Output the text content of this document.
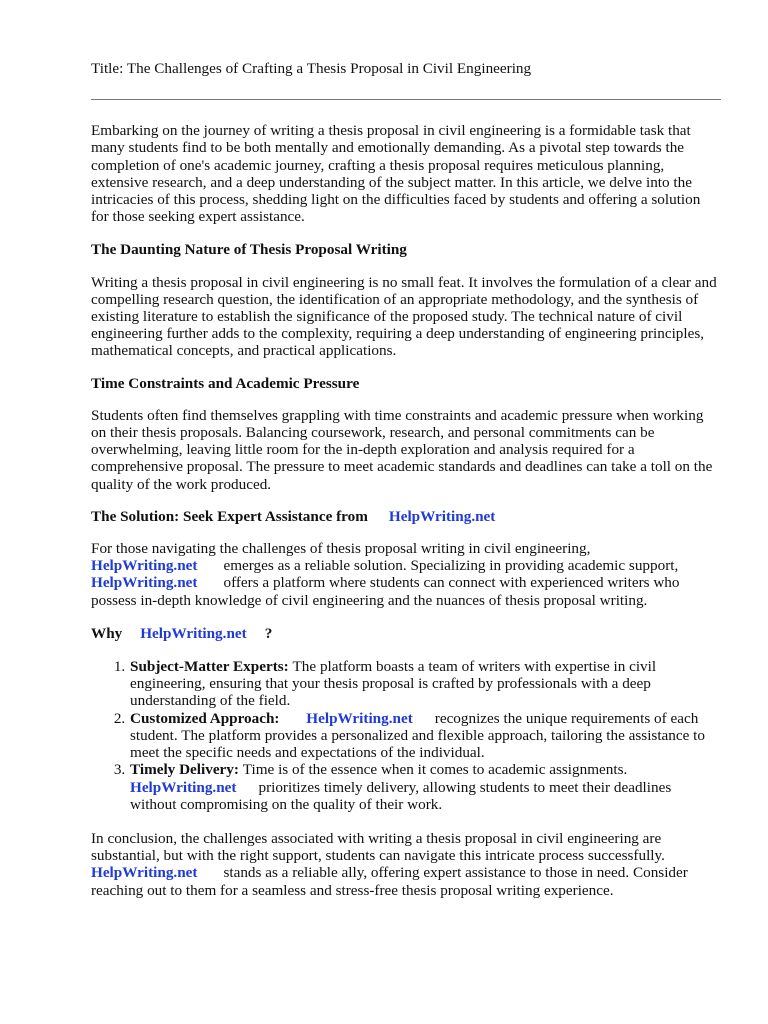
Title: The Challenges of Crafting a Thesis Proposal in Civil Engineering

Embarking on the journey of writing a thesis proposal in civil engineering is a formidable task that many students find to be both mentally and emotionally demanding. As a pivotal step towards the completion of one's academic journey, crafting a thesis proposal requires meticulous planning, extensive research, and a deep understanding of the subject matter. In this article, we delve into the intricacies of this process, shedding light on the difficulties faced by students and offering a solution for those seeking expert assistance.

The Daunting Nature of Thesis Proposal Writing

Writing a thesis proposal in civil engineering is no small feat. It involves the formulation of a clear and compelling research question, the identification of an appropriate methodology, and the synthesis of existing literature to establish the significance of the proposed study. The technical nature of civil engineering further adds to the complexity, requiring a deep understanding of engineering principles, mathematical concepts, and practical applications.

Time Constraints and Academic Pressure

Students often find themselves grappling with time constraints and academic pressure when working on their thesis proposals. Balancing coursework, research, and personal commitments can be overwhelming, leaving little room for the in-depth exploration and analysis required for a comprehensive proposal. The pressure to meet academic standards and deadlines can take a toll on the quality of the work produced.

The Solution: Seek Expert Assistance from HelpWriting.net

For those navigating the challenges of thesis proposal writing in civil engineering,
HelpWriting.net emerges as a reliable solution. Specializing in providing academic support,
HelpWriting.net offers a platform where students can connect with experienced writers who possess in-depth knowledge of civil engineering and the nuances of thesis proposal writing.

Why HelpWriting.net ?
1. Subject-Matter Experts: The platform boasts a team of writers with expertise in civil engineering, ensuring that your thesis proposal is crafted by professionals with a deep understanding of the field.
2. Customized Approach: HelpWriting.net recognizes the unique requirements of each student. The platform provides a personalized and flexible approach, tailoring the assistance to meet the specific needs and expectations of the individual.
3. Timely Delivery: Time is of the essence when it comes to academic assignments.
HelpWriting.net prioritizes timely delivery, allowing students to meet their deadlines without compromising on the quality of their work.

In conclusion, the challenges associated with writing a thesis proposal in civil engineering are substantial, but with the right support, students can navigate this intricate process successfully.
HelpWriting.net stands as a reliable ally, offering expert assistance to those in need. Consider reaching out to them for a seamless and stress-free thesis proposal writing experience.
